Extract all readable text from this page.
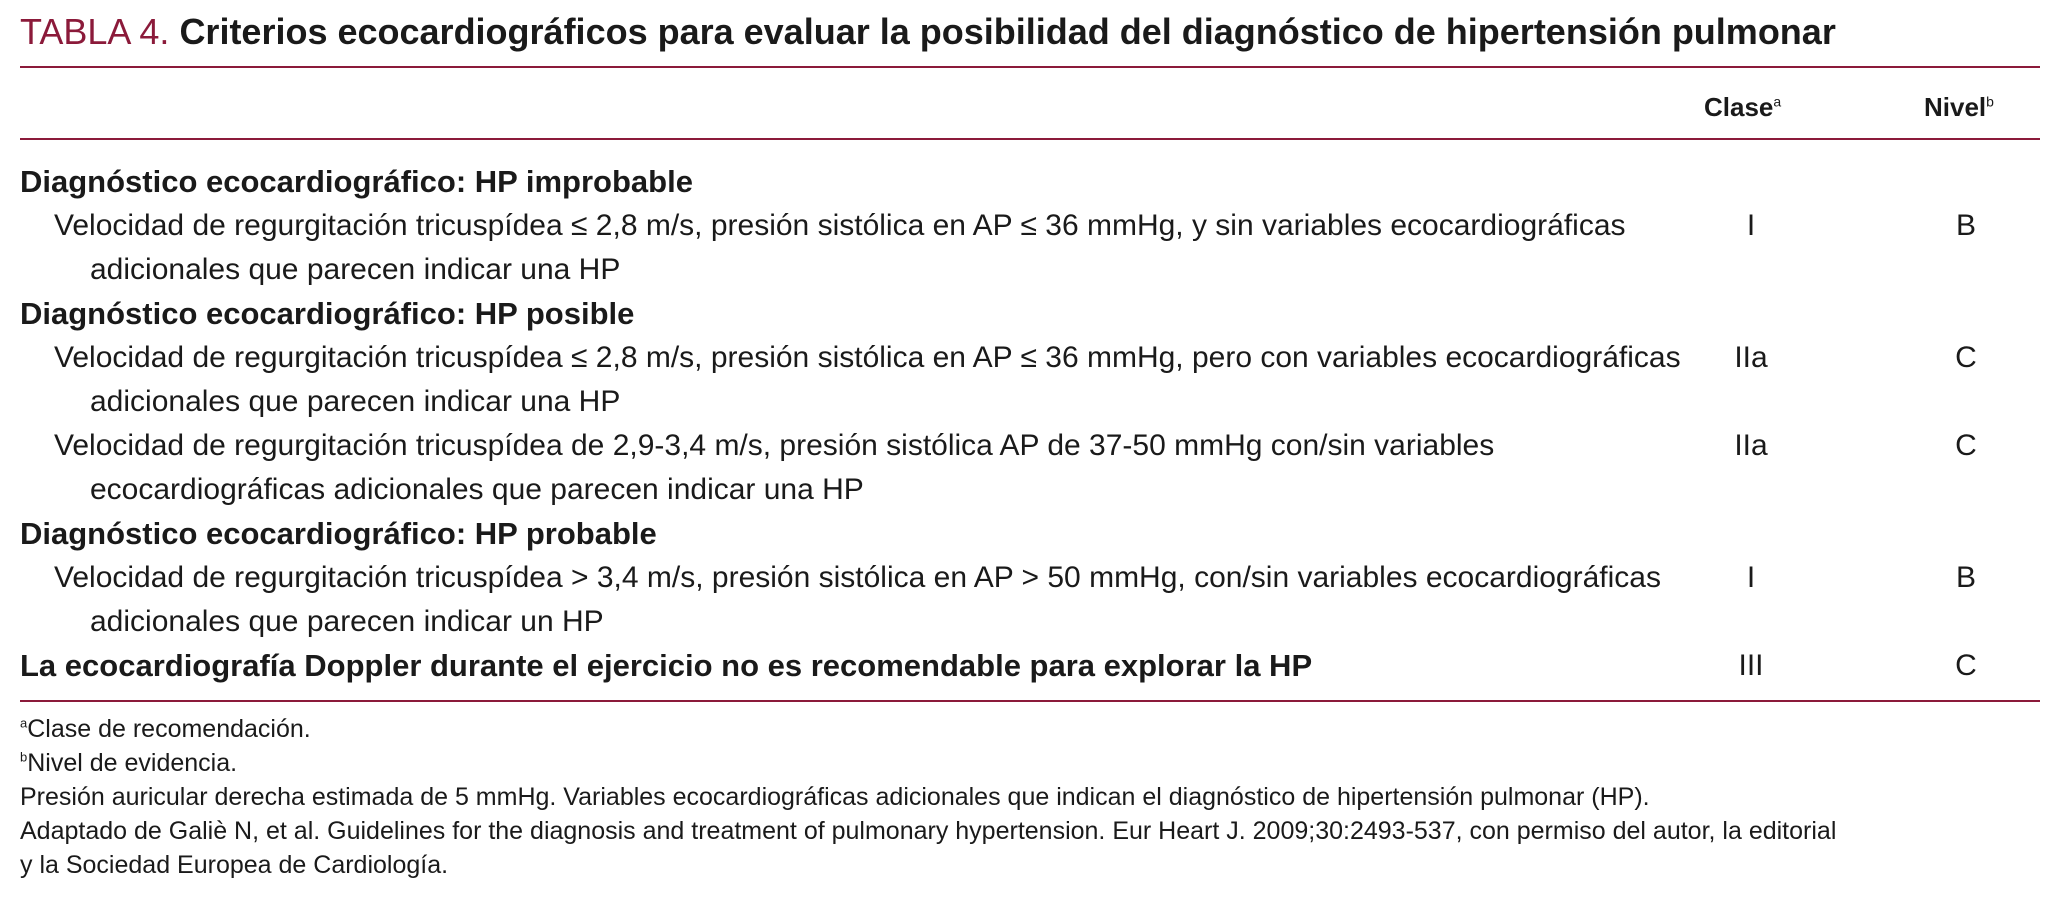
TABLA 4. Criterios ecocardiográficos para evaluar la posibilidad del diagnóstico de hipertensión pulmonar
Clase$^a$	Nivel$^b$
Diagnóstico ecocardiográfico: HP improbable
Velocidad de regurgitación tricuspídea ≤ 2,8 m/s, presión sistólica en AP ≤ 36 mmHg, y sin variables ecocardiográficas
adicionales que parecen indicar una HP
I	B
Diagnóstico ecocardiográfico: HP posible
Velocidad de regurgitación tricuspídea ≤ 2,8 m/s, presión sistólica en AP ≤ 36 mmHg, pero con variables ecocardiográficas
adicionales que parecen indicar una HP
IIa	C
Velocidad de regurgitación tricuspídea de 2,9-3,4 m/s, presión sistólica AP de 37-50 mmHg con/sin variables
ecocardiográficas adicionales que parecen indicar una HP
IIa	C
Diagnóstico ecocardiográfico: HP probable
Velocidad de regurgitación tricuspídea > 3,4 m/s, presión sistólica en AP > 50 mmHg, con/sin variables ecocardiográficas
adicionales que parecen indicar un HP
I	B
La ecocardiografía Doppler durante el ejercicio no es recomendable para explorar la HP	III	C
$^a$Clase de recomendación.
$^b$Nivel de evidencia.
Presión auricular derecha estimada de 5 mmHg. Variables ecocardiográficas adicionales que indican el diagnóstico de hipertensión pulmonar (HP).
Adaptado de Galiè N, et al. Guidelines for the diagnosis and treatment of pulmonary hypertension. Eur Heart J. 2009;30:2493-537, con permiso del autor, la editorial
y la Sociedad Europea de Cardiología.
